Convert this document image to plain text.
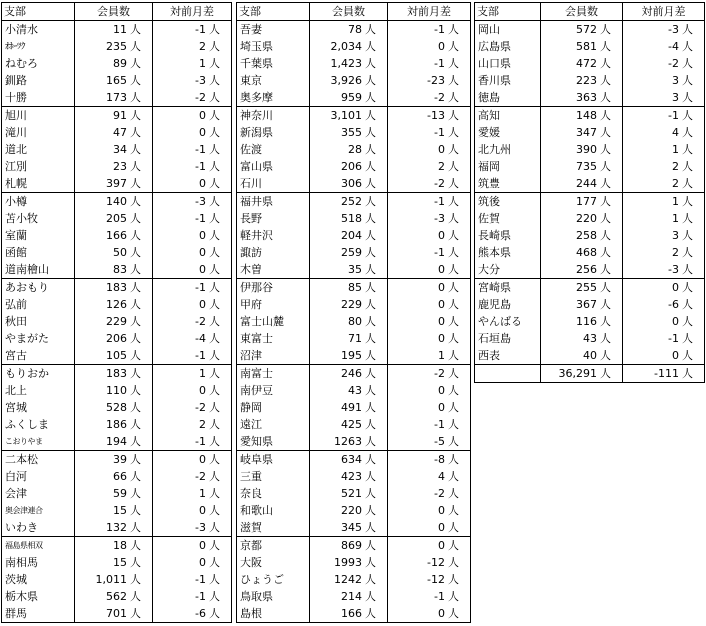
支部	会員数	対前月差
小清水	11 人	-1 人
ｵﾎｰﾂｸ	235 人	2 人
ねむろ	89 人	1 人
釧路	165 人	-3 人
十勝	173 人	-2 人
旭川	91 人	0 人
滝川	47 人	0 人
道北	34 人	-1 人
江別	23 人	-1 人
札幌	397 人	0 人
小樽	140 人	-3 人
苫小牧	205 人	-1 人
室蘭	166 人	0 人
函館	50 人	0 人
道南檜山	83 人	0 人
あおもり	183 人	-1 人
弘前	126 人	0 人
秋田	229 人	-2 人
やまがた	206 人	-4 人
宮古	105 人	-1 人
もりおか	183 人	1 人
北上	110 人	0 人
宮城	528 人	-2 人
ふくしま	186 人	2 人
こおりやま	194 人	-1 人
二本松	39 人	0 人
白河	66 人	-2 人
会津	59 人	1 人
奥会津連合	15 人	0 人
いわき	132 人	-3 人
福島県相双	18 人	0 人
南相馬	15 人	0 人
茨城	1,011 人	-1 人
栃木県	562 人	-1 人
群馬	701 人	-6 人
支部	会員数	対前月差
吾妻	78 人	-1 人
埼玉県	2,034 人	0 人
千葉県	1,423 人	-1 人
東京	3,926 人	-23 人
奥多摩	959 人	-2 人
神奈川	3,101 人	-13 人
新潟県	355 人	-1 人
佐渡	28 人	0 人
富山県	206 人	2 人
石川	306 人	-2 人
福井県	252 人	-1 人
長野	518 人	-3 人
軽井沢	204 人	0 人
諏訪	259 人	-1 人
木曽	35 人	0 人
伊那谷	85 人	0 人
甲府	229 人	0 人
富士山麓	80 人	0 人
東富士	71 人	0 人
沼津	195 人	1 人
南富士	246 人	-2 人
南伊豆	43 人	0 人
静岡	491 人	0 人
遠江	425 人	-1 人
愛知県	1263 人	-5 人
岐阜県	634 人	-8 人
三重	423 人	4 人
奈良	521 人	-2 人
和歌山	220 人	0 人
滋賀	345 人	0 人
京都	869 人	0 人
大阪	1993 人	-12 人
ひょうご	1242 人	-12 人
鳥取県	214 人	-1 人
島根	166 人	0 人
支部	会員数	対前月差
岡山	572 人	-3 人
広島県	581 人	-4 人
山口県	472 人	-2 人
香川県	223 人	3 人
徳島	363 人	3 人
高知	148 人	-1 人
愛媛	347 人	4 人
北九州	390 人	1 人
福岡	735 人	2 人
筑豊	244 人	2 人
筑後	177 人	1 人
佐賀	220 人	1 人
長崎県	258 人	3 人
熊本県	468 人	2 人
大分	256 人	-3 人
宮崎県	255 人	0 人
鹿児島	367 人	-6 人
やんばる	116 人	0 人
石垣島	43 人	-1 人
西表	40 人	0 人
	36,291 人	-111 人
